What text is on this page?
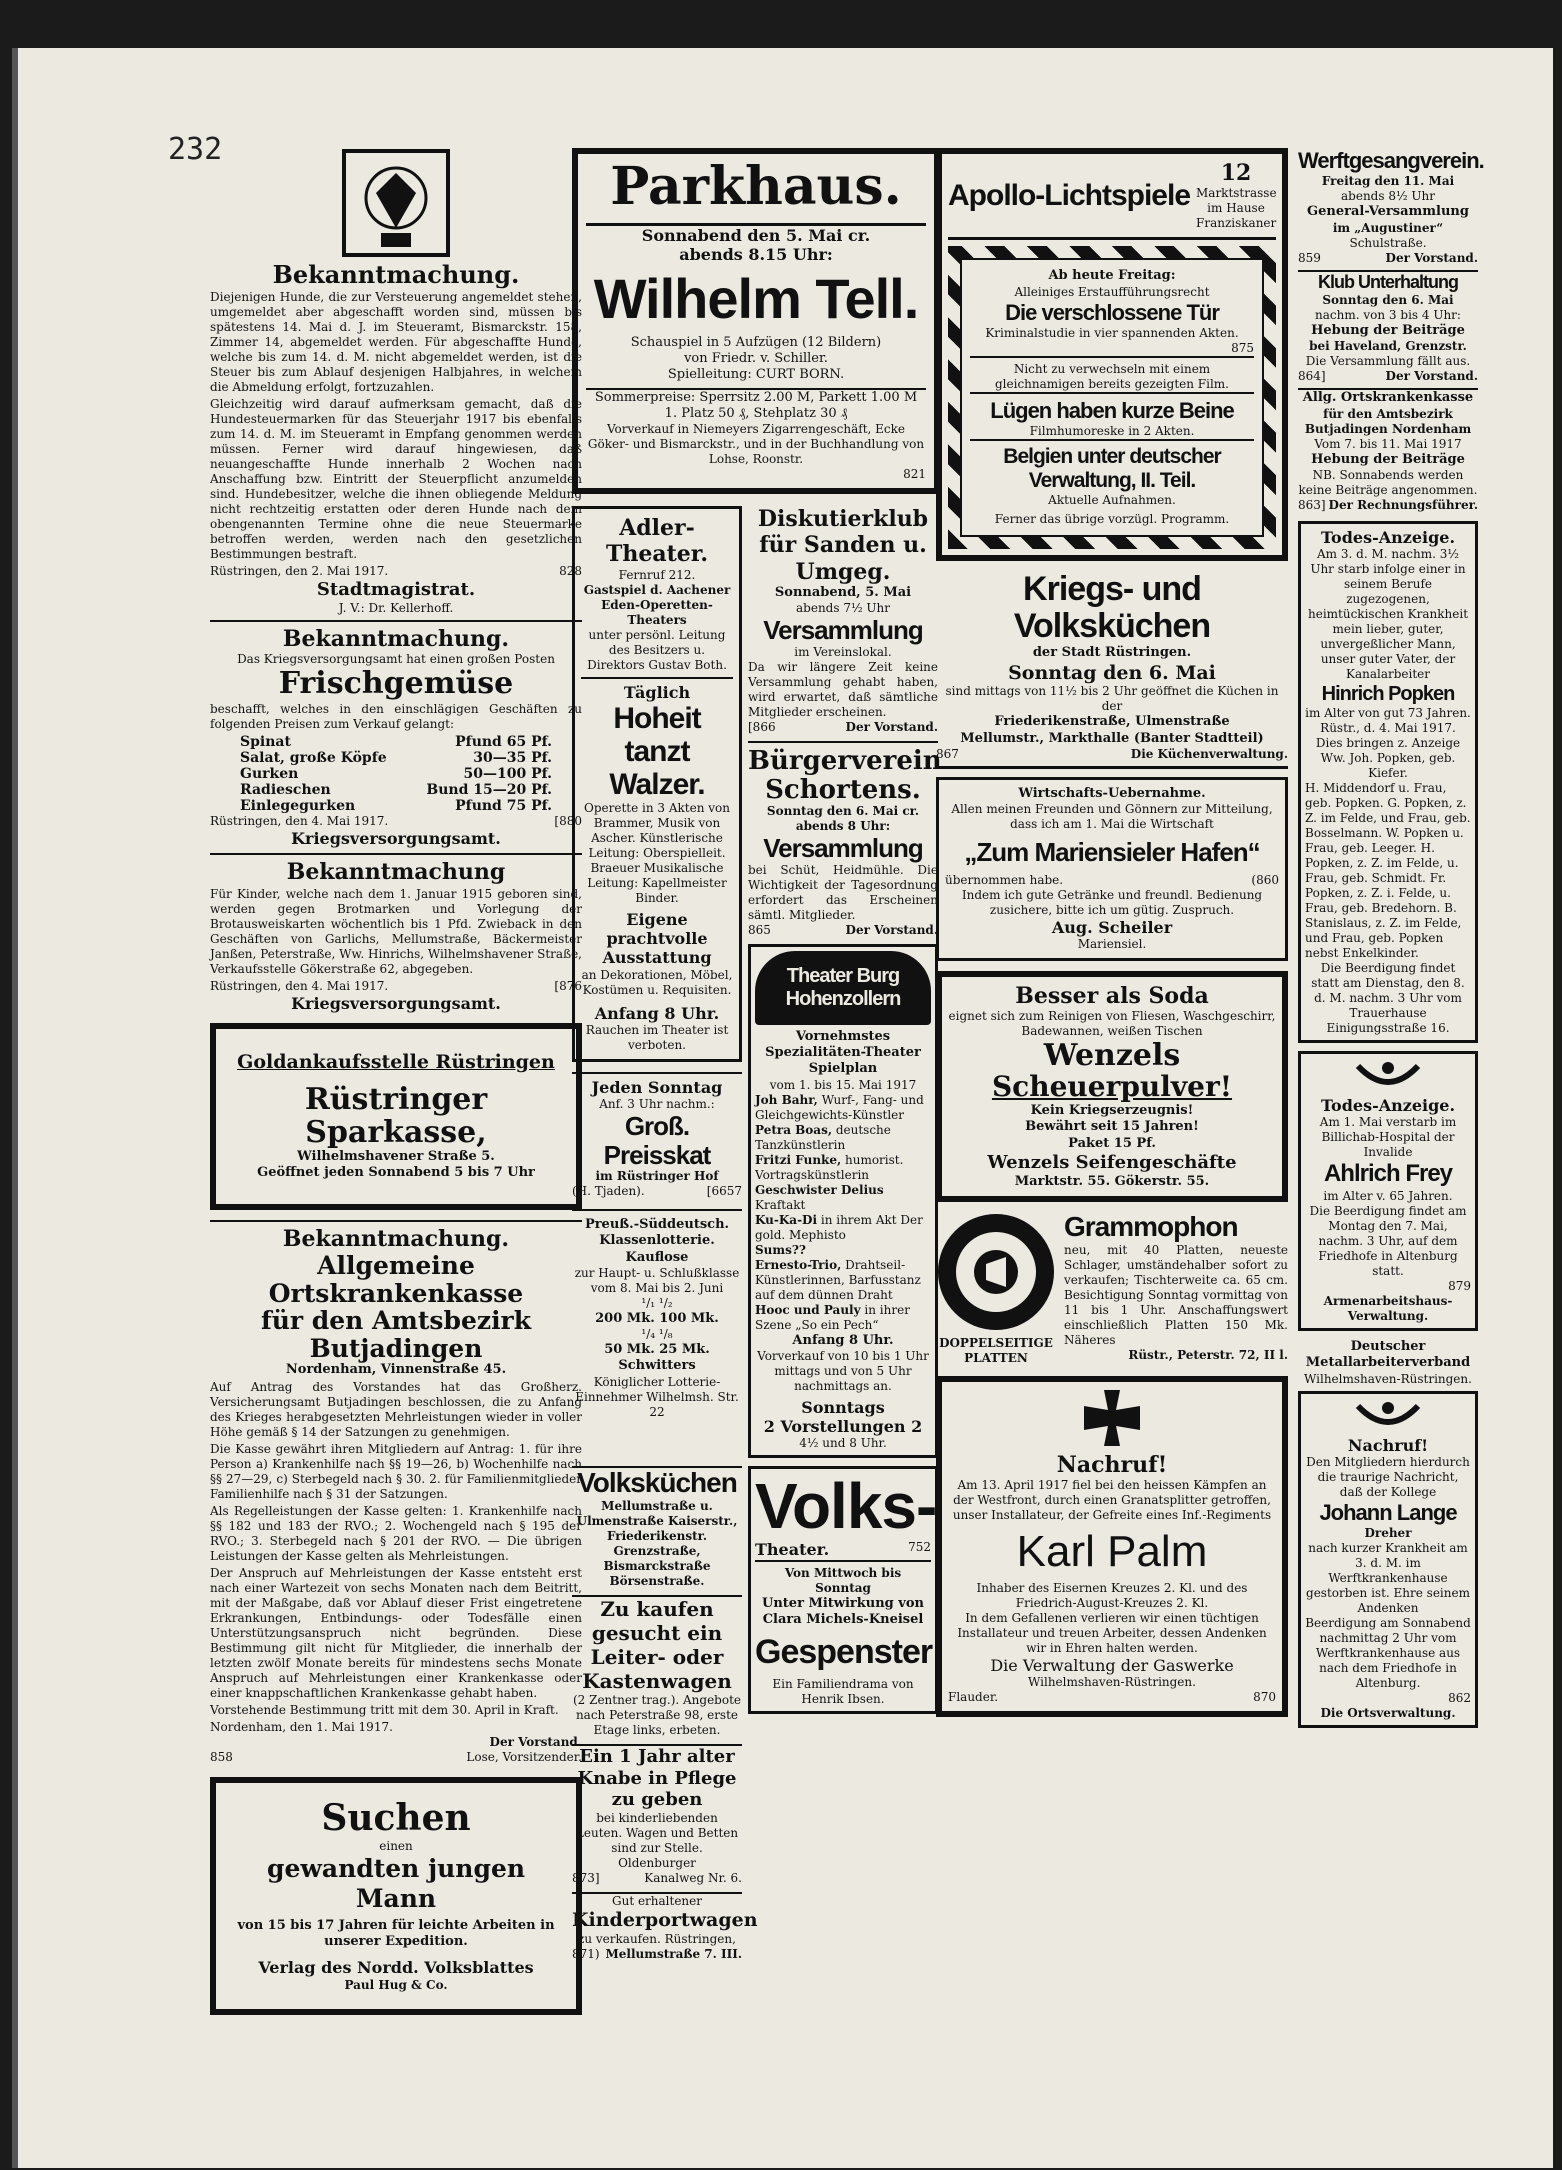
232
Bekanntmachung.

Diejenigen Hunde, die zur Versteuerung angemeldet stehen, umgemeldet aber abgeschafft worden sind, müssen bis spätestens 14. Mai d. J. im Steueramt, Bismarckstr. 158, Zimmer 14, abgemeldet werden. Für abgeschaffte Hunde, welche bis zum 14. d. M. nicht abgemeldet werden, ist die Steuer bis zum Ablauf desjenigen Halbjahres, in welchem die Abmeldung erfolgt, fortzuzahlen.

Gleichzeitig wird darauf aufmerksam gemacht, daß die Hundesteuermarken für das Steuerjahr 1917 bis ebenfalls zum 14. d. M. im Steueramt in Empfang genommen werden müssen. Ferner wird darauf hingewiesen, daß neuangeschaffte Hunde innerhalb 2 Wochen nach Anschaffung bzw. Eintritt der Steuerpflicht anzumelden sind. Hundebesitzer, welche die ihnen obliegende Meldung nicht rechtzeitig erstatten oder deren Hunde nach dem obengenannten Termine ohne die neue Steuermarke betroffen werden, werden nach den gesetzlichen Bestimmungen bestraft.

Rüstringen, den 2. Mai 1917.	828
Stadtmagistrat.
J. V.: Dr. Kellerhoff.
Bekanntmachung.
Das Kriegsversorgungsamt hat einen großen Posten
Frischgemüse

beschafft, welches in den einschlägigen Geschäften zu folgenden Preisen zum Verkauf gelangt:

Spinat	Pfund 65 Pf.
Salat, große Köpfe	30—35 Pf.
Gurken	50—100 Pf.
Radieschen	Bund 15—20 Pf.
Einlegegurken	Pfund 75 Pf.
Rüstringen, den 4. Mai 1917.	[880
Kriegsversorgungsamt.
Bekanntmachung

Für Kinder, welche nach dem 1. Januar 1915 geboren sind, werden gegen Brotmarken und Vorlegung der Brotausweiskarten wöchentlich bis 1 Pfd. Zwieback in den Geschäften von Garlichs, Mellumstraße, Bäckermeister Janßen, Peterstraße, Ww. Hinrichs, Wilhelmshavener Straße, Verkaufsstelle Gökerstraße 62, abgegeben.

Rüstringen, den 4. Mai 1917.	[876
Kriegsversorgungsamt.
Goldankaufsstelle Rüstringen
Rüstringer Sparkasse,
Wilhelmshavener Straße 5.
Geöffnet jeden Sonnabend 5 bis 7 Uhr
Bekanntmachung.
Allgemeine Ortskrankenkasse
für den Amtsbezirk Butjadingen
Nordenham, Vinnenstraße 45.

Auf Antrag des Vorstandes hat das Großherz. Versicherungsamt Butjadingen beschlossen, die zu Anfang des Krieges herabgesetzten Mehrleistungen wieder in voller Höhe gemäß § 14 der Satzungen zu genehmigen.

Die Kasse gewährt ihren Mitgliedern auf Antrag: 1. für ihre Person a) Krankenhilfe nach §§ 19—26, b) Wochenhilfe nach §§ 27—29, c) Sterbegeld nach § 30. 2. für Familienmitglieder Familienhilfe nach § 31 der Satzungen.

Als Regelleistungen der Kasse gelten: 1. Krankenhilfe nach §§ 182 und 183 der RVO.; 2. Wochengeld nach § 195 der RVO.; 3. Sterbegeld nach § 201 der RVO. — Die übrigen Leistungen der Kasse gelten als Mehrleistungen.

Der Anspruch auf Mehrleistungen der Kasse entsteht erst nach einer Wartezeit von sechs Monaten nach dem Beitritt, mit der Maßgabe, daß vor Ablauf dieser Frist eingetretene Erkrankungen, Entbindungs- oder Todesfälle einen Unterstützungsanspruch nicht begründen. Diese Bestimmung gilt nicht für Mitglieder, die innerhalb der letzten zwölf Monate bereits für mindestens sechs Monate Anspruch auf Mehrleistungen einer Krankenkasse oder einer knappschaftlichen Krankenkasse gehabt haben.

Vorstehende Bestimmung tritt mit dem 30. April in Kraft.

Nordenham, den 1. Mai 1917.
Der Vorstand.
858	Lose, Vorsitzender.
Suchen
einen
gewandten jungen Mann
von 15 bis 17 Jahren für leichte Arbeiten in unserer Expedition.
Verlag des Nordd. Volksblattes
Paul Hug & Co.
Parkhaus.
Sonnabend den 5. Mai cr.
abends 8.15 Uhr:
Wilhelm Tell.
Schauspiel in 5 Aufzügen (12 Bildern)
von Friedr. v. Schiller.
Spielleitung: CURT BORN.
Sommerpreise: Sperrsitz 2.00 M, Parkett 1.00 M
1. Platz 50 ₰, Stehplatz 30 ₰
Vorverkauf in Niemeyers Zigarrengeschäft, Ecke Göker- und Bismarckstr., und in der Buchhandlung von Lohse, Roonstr.
821
Adler-Theater.
Fernruf 212.
Gastspiel d. Aachener Eden-Operetten-Theaters
unter persönl. Leitung des Besitzers u. Direktors Gustav Both.
Täglich
Hoheit tanzt Walzer.
Operette in 3 Akten von Brammer, Musik von Ascher. Künstlerische Leitung: Oberspielleit. Braeuer Musikalische Leitung: Kapellmeister Binder.
Eigene prachtvolle Ausstattung
an Dekorationen, Möbel, Kostümen u. Requisiten.
Anfang 8 Uhr.
Rauchen im Theater ist verboten.
Jeden Sonntag
Anf. 3 Uhr nachm.:
Groß. Preisskat
im Rüstringer Hof
(H. Tjaden).	[6657
Preuß.-Süddeutsch. Klassenlotterie.
Kauflose
zur Haupt- u. Schlußklasse vom 8. Mai bis 2. Juni
¹/₁ ¹/₂
200 Mk. 100 Mk.
¹/₄ ¹/₈
50 Mk. 25 Mk.
Schwitters
Königlicher Lotterie-Einnehmer Wilhelmsh. Str. 22
Diskutierklub für Sanden u. Umgeg.
Sonnabend, 5. Mai
abends 7½ Uhr
Versammlung
im Vereinslokal.
Da wir längere Zeit keine Versammlung gehabt haben, wird erwartet, daß sämtliche Mitglieder erscheinen.
[866	Der Vorstand.
Bürgerverein Schortens.
Sonntag den 6. Mai cr. abends 8 Uhr:
Versammlung
bei Schüt, Heidmühle. Die Wichtigkeit der Tagesordnung erfordert das Erscheinen sämtl. Mitglieder.
865	Der Vorstand.
Theater Burg Hohenzollern
Vornehmstes Spezialitäten-Theater
Spielplan
vom 1. bis 15. Mai 1917
Joh Bahr, Wurf-, Fang- und Gleichgewichts-Künstler
Petra Boas, deutsche Tanzkünstlerin
Fritzi Funke, humorist. Vortragskünstlerin
Geschwister Delius Kraftakt
Ku-Ka-Di in ihrem Akt Der gold. Mephisto
Sums??
Ernesto-Trio, Drahtseil-Künstlerinnen, Barfusstanz auf dem dünnen Draht
Hooc und Pauly in ihrer Szene „So ein Pech“
Anfang 8 Uhr.
Vorverkauf von 10 bis 1 Uhr mittags und von 5 Uhr nachmittags an.
Sonntags
2 Vorstellungen 2
4½ und 8 Uhr.
Volksküchen
Mellumstraße u. Ulmenstraße Kaiserstr., Friederikenstr. Grenzstraße, Bismarckstraße Börsenstraße.
Zu kaufen gesucht ein Leiter- oder Kastenwagen
(2 Zentner trag.). Angebote nach Peterstraße 98, erste Etage links, erbeten.
Ein 1 Jahr alter Knabe in Pflege zu geben
bei kinderliebenden Leuten. Wagen und Betten sind zur Stelle. Oldenburger
873]	Kanalweg Nr. 6.
Gut erhaltener
Kinderportwagen
zu verkaufen. Rüstringen,
871) Mellumstraße 7. III.
Volks-
Theater.	752
Von Mittwoch bis Sonntag
Unter Mitwirkung von Clara Michels-Kneisel
Gespenster!
Ein Familiendrama von Henrik Ibsen.
Apollo-Lichtspiele
12
Marktstrasse im Hause Franziskaner
Ab heute Freitag:
Alleiniges Erstaufführungsrecht
Die verschlossene Tür
Kriminalstudie in vier spannenden Akten.
875
Nicht zu verwechseln mit einem gleichnamigen bereits gezeigten Film.
Lügen haben kurze Beine
Filmhumoreske in 2 Akten.
Belgien unter deutscher
Verwaltung, II. Teil.
Aktuelle Aufnahmen.
Ferner das übrige vorzügl. Programm.
Kriegs- und Volksküchen
der Stadt Rüstringen.
Sonntag den 6. Mai
sind mittags von 11½ bis 2 Uhr geöffnet die Küchen in der
Friederikenstraße, Ulmenstraße
Mellumstr., Markthalle (Banter Stadtteil)
867	Die Küchenverwaltung.
Wirtschafts-Uebernahme.
Allen meinen Freunden und Gönnern zur Mitteilung, dass ich am 1. Mai die Wirtschaft
„Zum Mariensieler Hafen“
übernommen habe.	(860
Indem ich gute Getränke und freundl. Bedienung zusichere, bitte ich um gütig. Zuspruch.
Aug. Scheiler
Mariensiel.
Besser als Soda
eignet sich zum Reinigen von Fliesen, Waschgeschirr, Badewannen, weißen Tischen
Wenzels
Scheuerpulver!
Kein Kriegserzeugnis!
Bewährt seit 15 Jahren!
Paket 15 Pf.
Wenzels Seifengeschäfte
Marktstr. 55. Gökerstr. 55.
DOPPELSEITIGE PLATTEN
Grammophon
neu, mit 40 Platten, neueste Schlager, umständehalber sofort zu verkaufen; Tischterweite ca. 65 cm. Besichtigung Sonntag vormittag von 11 bis 1 Uhr. Anschaffungswert einschließlich Platten 150 Mk. Näheres
Rüstr., Peterstr. 72, II l.
Nachruf!
Am 13. April 1917 fiel bei den heissen Kämpfen an der Westfront, durch einen Granatsplitter getroffen, unser Installateur, der Gefreite eines Inf.-Regiments
Karl Palm
Inhaber des Eisernen Kreuzes 2. Kl. und des Friedrich-August-Kreuzes 2. Kl.
In dem Gefallenen verlieren wir einen tüchtigen Installateur und treuen Arbeiter, dessen Andenken wir in Ehren halten werden.
Die Verwaltung der Gaswerke
Wilhelmshaven-Rüstringen.
Flauder.	870
Werftgesangverein.
Freitag den 11. Mai
abends 8½ Uhr
General-Versammlung
im „Augustiner“
Schulstraße.
859	Der Vorstand.
Klub Unterhaltung
Sonntag den 6. Mai
nachm. von 3 bis 4 Uhr:
Hebung der Beiträge
bei Haveland, Grenzstr.
Die Versammlung fällt aus.
864]	Der Vorstand.
Allg. Ortskrankenkasse
für den Amtsbezirk Butjadingen Nordenham
Vom 7. bis 11. Mai 1917
Hebung der Beiträge
NB. Sonnabends werden keine Beiträge angenommen.
863] Der Rechnungsführer.
Todes-Anzeige.
Am 3. d. M. nachm. 3½ Uhr starb infolge einer in seinem Berufe zugezogenen, heimtückischen Krankheit mein lieber, guter, unvergeßlicher Mann, unser guter Vater, der Kanalarbeiter
Hinrich Popken
im Alter von gut 73 Jahren.
Rüstr., d. 4. Mai 1917.
Dies bringen z. Anzeige Ww. Joh. Popken, geb. Kiefer.
H. Middendorf u. Frau, geb. Popken. G. Popken, z. Z. im Felde, und Frau, geb. Bosselmann. W. Popken u. Frau, geb. Leeger. H. Popken, z. Z. im Felde, u. Frau, geb. Schmidt. Fr. Popken, z. Z. i. Felde, u. Frau, geb. Bredehorn. B. Stanislaus, z. Z. im Felde, und Frau, geb. Popken nebst Enkelkinder.
Die Beerdigung findet statt am Dienstag, den 8. d. M. nachm. 3 Uhr vom Trauerhause Einigungsstraße 16.
Todes-Anzeige.
Am 1. Mai verstarb im Billichab-Hospital der Invalide
Ahlrich Frey
im Alter v. 65 Jahren.
Die Beerdigung findet am Montag den 7. Mai, nachm. 3 Uhr, auf dem Friedhofe in Altenburg statt.
879
Armenarbeitshaus-Verwaltung.
Deutscher Metallarbeiterverband
Wilhelmshaven-Rüstringen.
Nachruf!
Den Mitgliedern hierdurch die traurige Nachricht, daß der Kollege
Johann Lange
Dreher
nach kurzer Krankheit am 3. d. M. im Werftkrankenhause gestorben ist. Ehre seinem Andenken
Beerdigung am Sonnabend nachmittag 2 Uhr vom Werftkrankenhause aus nach dem Friedhofe in Altenburg.
862
Die Ortsverwaltung.
